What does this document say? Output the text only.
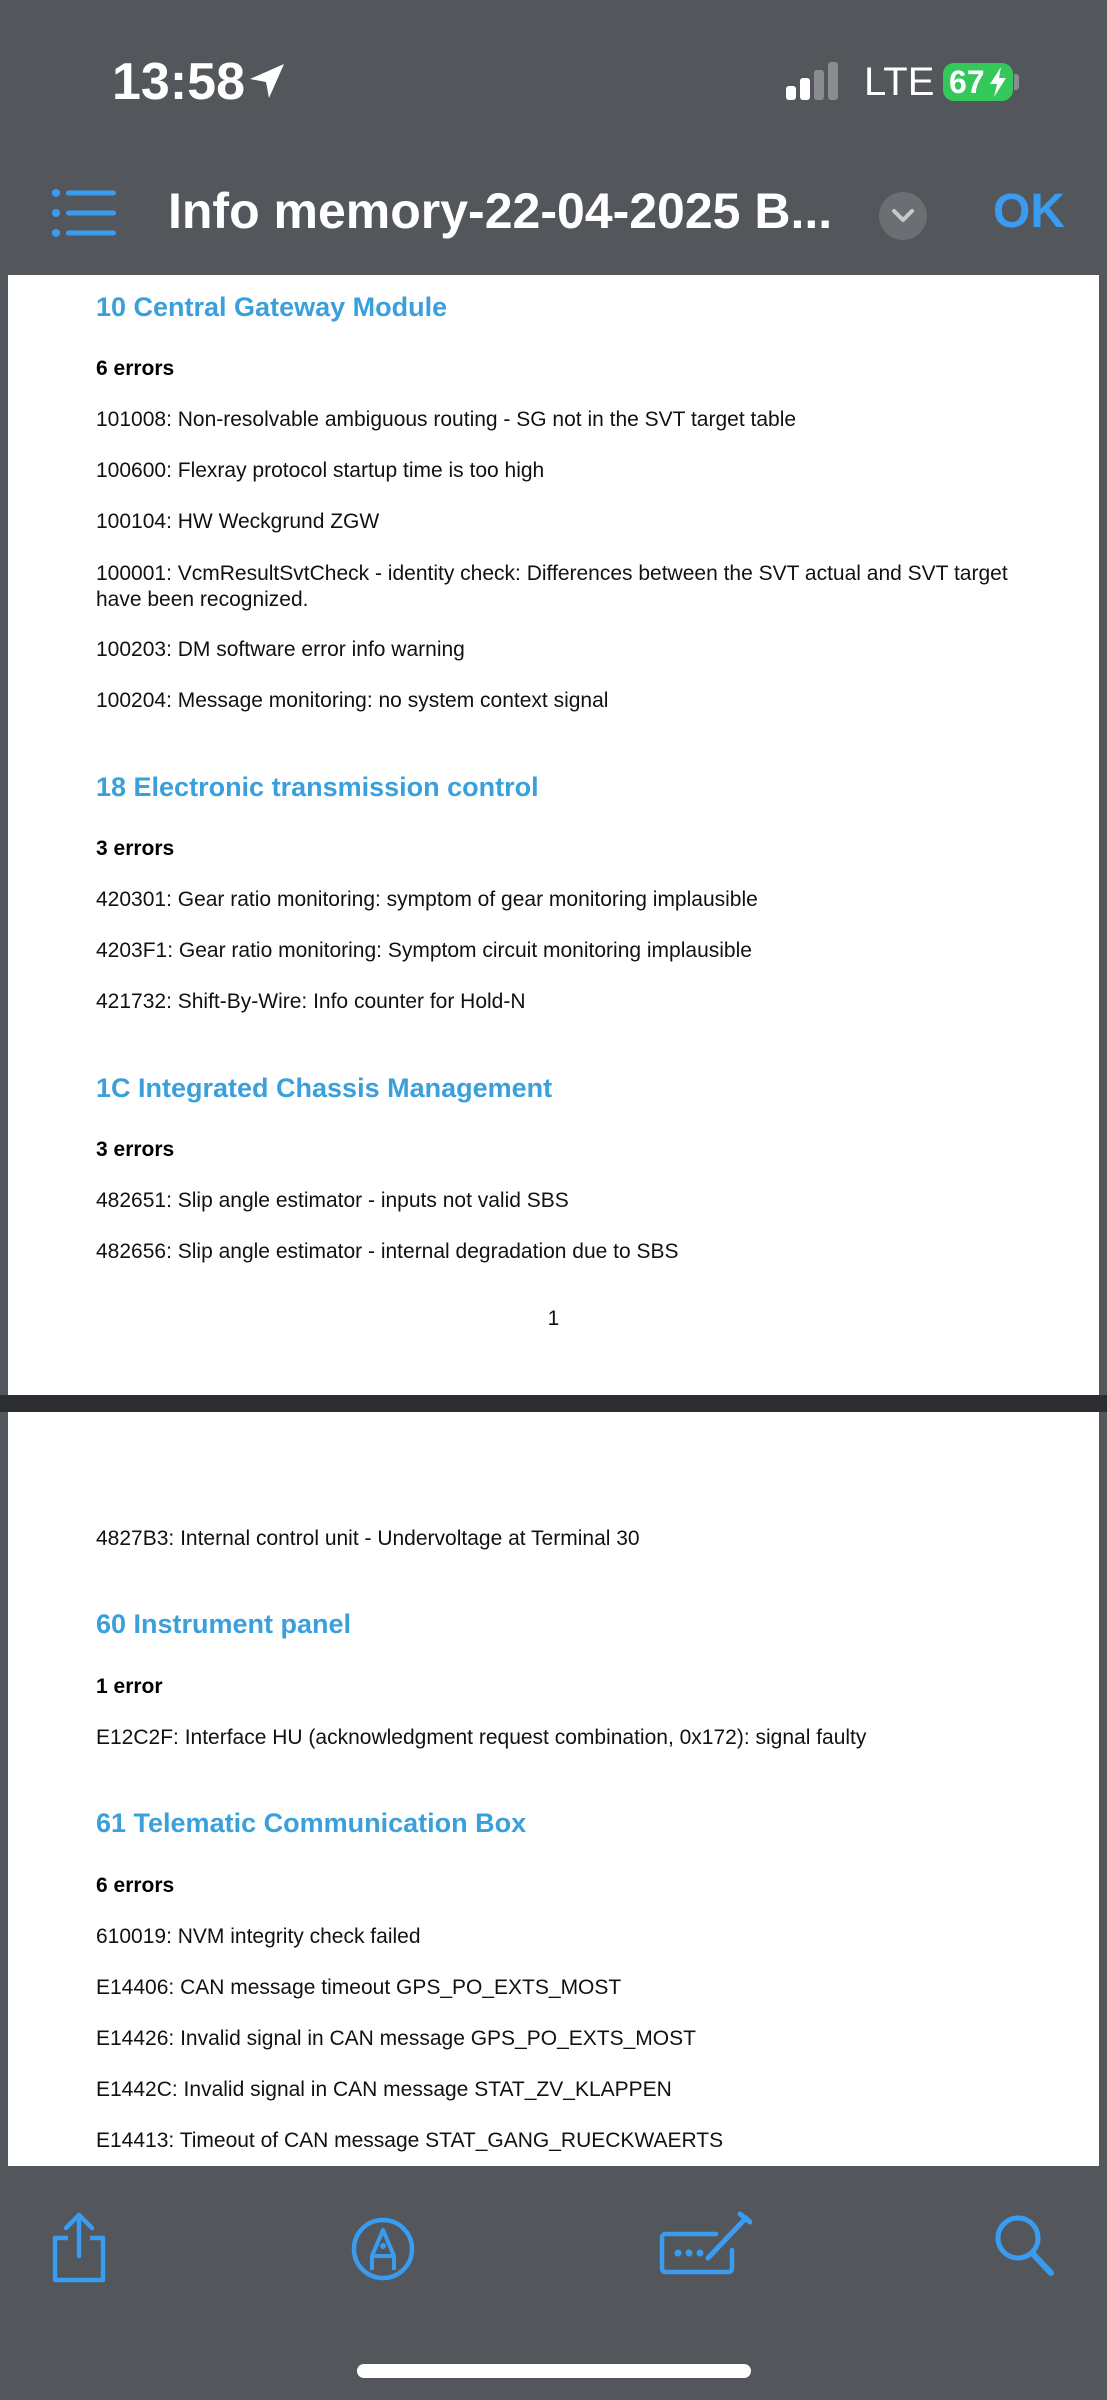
13:58	LTE 67
Info memory-22-04-2025 B...	OK
10 Central Gateway Module
6 errors
101008: Non-resolvable ambiguous routing - SG not in the SVT target table
100600: Flexray protocol startup time is too high
100104: HW Weckgrund ZGW
100001: VcmResultSvtCheck - identity check: Differences between the SVT actual and SVT target have been recognized.
100203: DM software error info warning
100204: Message monitoring: no system context signal
18 Electronic transmission control
3 errors
420301: Gear ratio monitoring: symptom of gear monitoring implausible
4203F1: Gear ratio monitoring: Symptom circuit monitoring implausible
421732: Shift-By-Wire: Info counter for Hold-N
1C Integrated Chassis Management
3 errors
482651: Slip angle estimator - inputs not valid SBS
482656: Slip angle estimator - internal degradation due to SBS
1
4827B3: Internal control unit - Undervoltage at Terminal 30
60 Instrument panel
1 error
E12C2F: Interface HU (acknowledgment request combination, 0x172): signal faulty
61 Telematic Communication Box
6 errors
610019: NVM integrity check failed
E14406: CAN message timeout GPS_PO_EXTS_MOST
E14426: Invalid signal in CAN message GPS_PO_EXTS_MOST
E1442C: Invalid signal in CAN message STAT_ZV_KLAPPEN
E14413: Timeout of CAN message STAT_GANG_RUECKWAERTS
